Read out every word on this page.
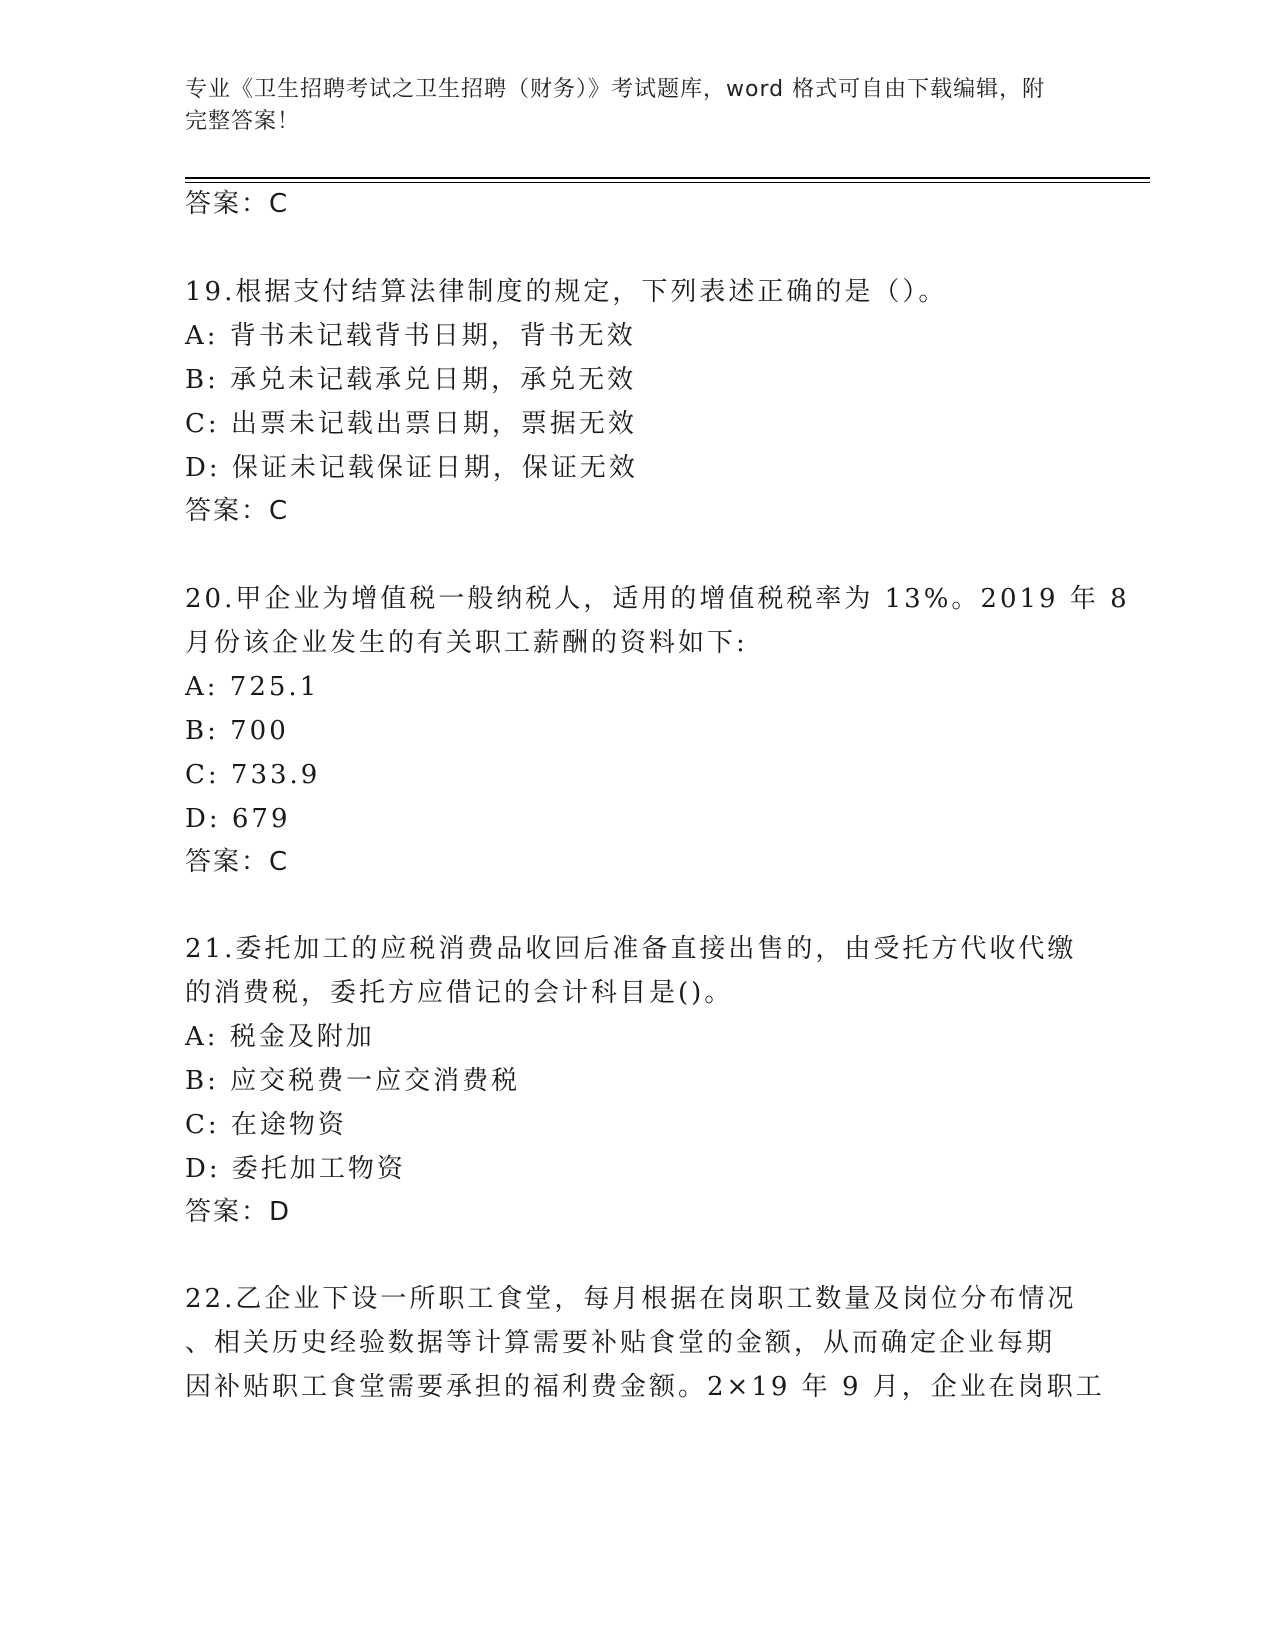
专业《卫生招聘考试之卫生招聘（财务）》考试题库，word 格式可自由下载编辑，附完整答案！
答案：C
19.根据支付结算法律制度的规定，下列表述正确的是（）。
A: 背书未记载背书日期，背书无效
B: 承兑未记载承兑日期，承兑无效
C: 出票未记载出票日期，票据无效
D: 保证未记载保证日期，保证无效
答案：C
20.甲企业为增值税一般纳税人，适用的增值税税率为 13%。2019 年 8
月份该企业发生的有关职工薪酬的资料如下:
A: 725.1
B: 700
C: 733.9
D: 679
答案：C
21.委托加工的应税消费品收回后准备直接出售的，由受托方代收代缴
的消费税，委托方应借记的会计科目是()。
A: 税金及附加
B: 应交税费一应交消费税
C: 在途物资
D: 委托加工物资
答案：D
22.乙企业下设一所职工食堂，每月根据在岗职工数量及岗位分布情况
、相关历史经验数据等计算需要补贴食堂的金额，从而确定企业每期
因补贴职工食堂需要承担的福利费金额。2×19 年 9 月，企业在岗职工
